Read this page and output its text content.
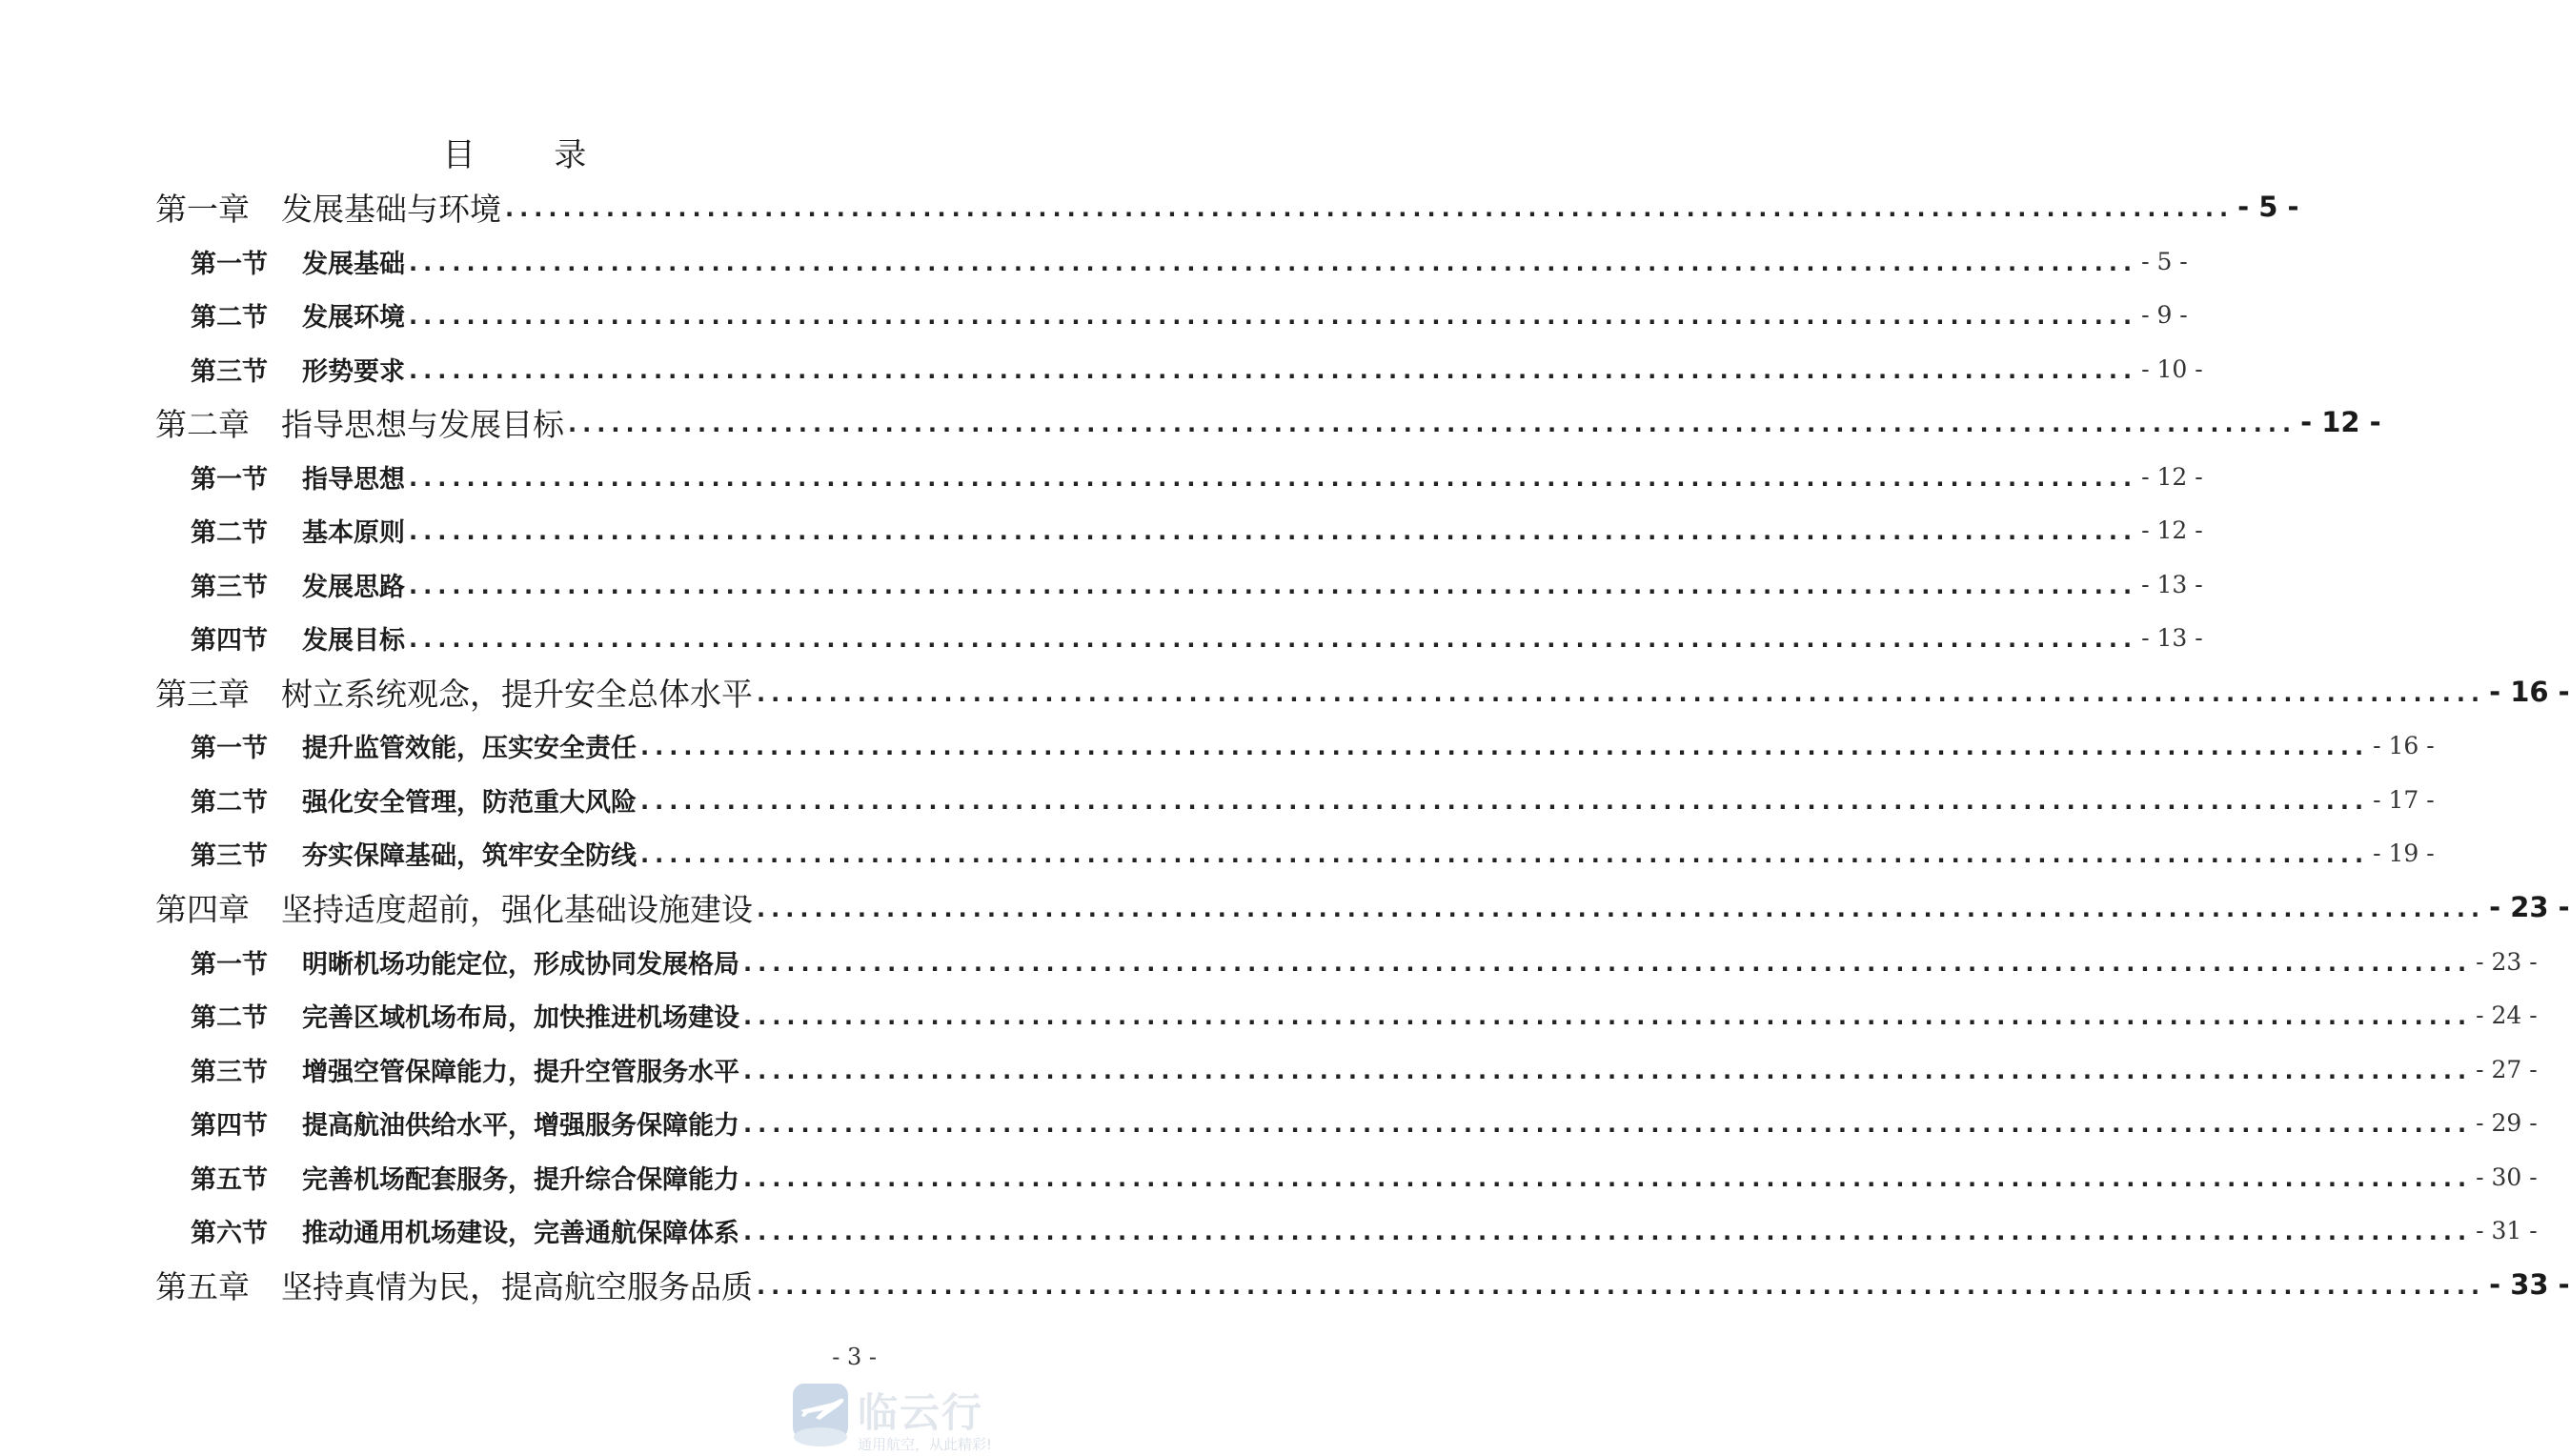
目 录
第一章	发展基础与环境 ........................................................................................................................ - 5 -
第一节	发展基础 ........................................................................................................................ - 5 -
第二节	发展环境 ........................................................................................................................ - 9 -
第三节	形势要求 ........................................................................................................................ - 10 -
第二章	指导思想与发展目标 ........................................................................................................................ - 12 -
第一节	指导思想 ........................................................................................................................ - 12 -
第二节	基本原则 ........................................................................................................................ - 12 -
第三节	发展思路 ........................................................................................................................ - 13 -
第四节	发展目标 ........................................................................................................................ - 13 -
第三章	树立系统观念，提升安全总体水平 ........................................................................................................................ - 16 -
第一节	提升监管效能，压实安全责任 ........................................................................................................................ - 16 -
第二节	强化安全管理，防范重大风险 ........................................................................................................................ - 17 -
第三节	夯实保障基础，筑牢安全防线 ........................................................................................................................ - 19 -
第四章	坚持适度超前，强化基础设施建设 ........................................................................................................................ - 23 -
第一节	明晰机场功能定位，形成协同发展格局 ........................................................................................................................ - 23 -
第二节	完善区域机场布局，加快推进机场建设 ........................................................................................................................ - 24 -
第三节	增强空管保障能力，提升空管服务水平 ........................................................................................................................ - 27 -
第四节	提高航油供给水平，增强服务保障能力 ........................................................................................................................ - 29 -
第五节	完善机场配套服务，提升综合保障能力 ........................................................................................................................ - 30 -
第六节	推动通用机场建设，完善通航保障体系 ........................................................................................................................ - 31 -
第五章	坚持真情为民，提高航空服务品质 ........................................................................................................................ - 33 -
- 3 -
临云行
通用航空，从此精彩!
